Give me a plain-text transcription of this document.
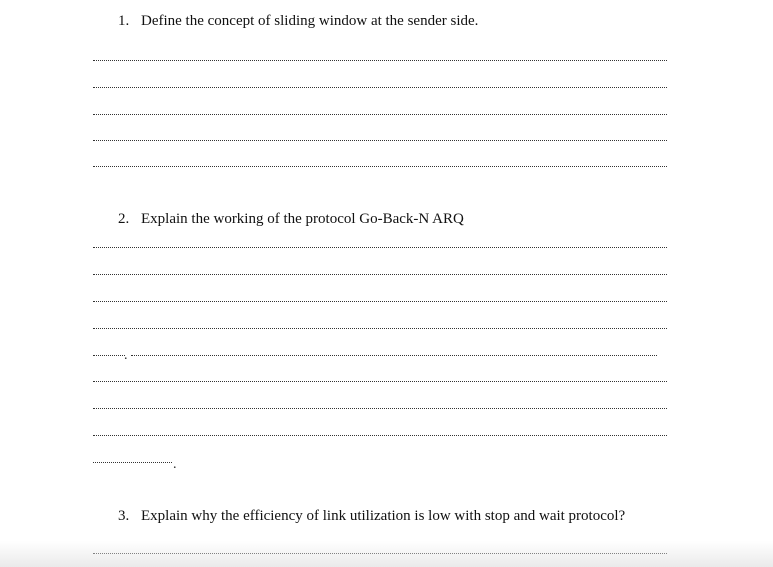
1. Define the concept of sliding window at the sender side.
2. Explain the working of the protocol Go-Back-N ARQ
.
.
3. Explain why the efficiency of link utilization is low with stop and wait protocol?
